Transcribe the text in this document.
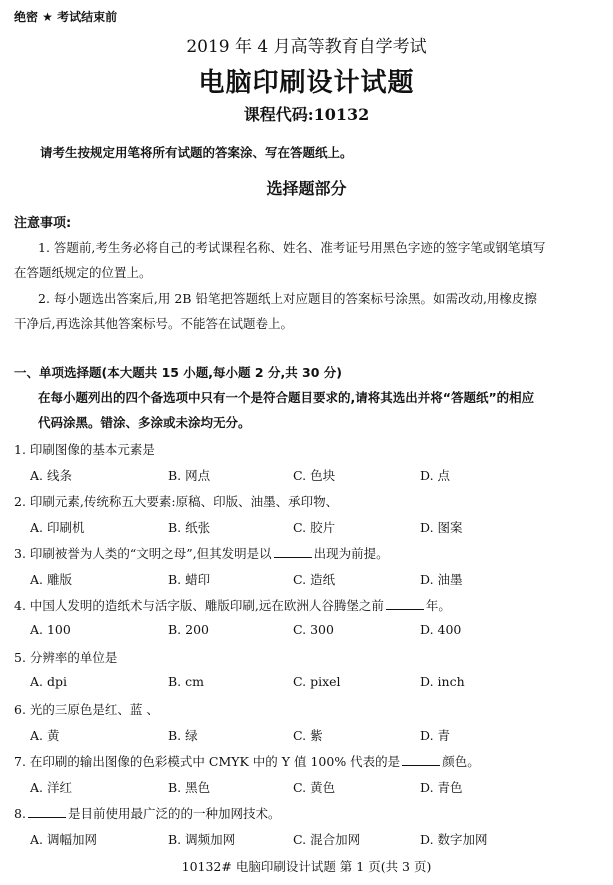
绝密 ★ 考试结束前
2019 年 4 月高等教育自学考试
电脑印刷设计试题
课程代码:10132
请考生按规定用笔将所有试题的答案涂、写在答题纸上。
选择题部分
注意事项:
1. 答题前,考生务必将自己的考试课程名称、姓名、准考证号用黑色字迹的签字笔或钢笔填写
在答题纸规定的位置上。
2. 每小题选出答案后,用 2B 铅笔把答题纸上对应题目的答案标号涂黑。如需改动,用橡皮擦
干净后,再选涂其他答案标号。不能答在试题卷上。
一、单项选择题(本大题共 15 小题,每小题 2 分,共 30 分)
在每小题列出的四个备选项中只有一个是符合题目要求的,请将其选出并将“答题纸”的相应
代码涂黑。错涂、多涂或未涂均无分。
1. 印刷图像的基本元素是
A. 线条	B. 网点	C. 色块	D. 点
2. 印刷元素,传统称五大要素:原稿、印版、油墨、承印物、
A. 印刷机	B. 纸张	C. 胶片	D. 图案
3. 印刷被誉为人类的“文明之母”,但其发明是以	出现为前提。
A. 雕版	B. 蜡印	C. 造纸	D. 油墨
4. 中国人发明的造纸术与活字版、雕版印刷,远在欧洲人谷腾堡之前	年。
A. 100	B. 200	C. 300	D. 400
5. 分辨率的单位是
A. dpi	B. cm	C. pixel	D. inch
6. 光的三原色是红、蓝 、
A. 黄	B. 绿	C. 紫	D. 青
7. 在印刷的输出图像的色彩模式中 CMYK 中的 Y 值 100% 代表的是	颜色。
A. 洋红	B. 黑色	C. 黄色	D. 青色
8.	是目前使用最广泛的的一种加网技术。
A. 调幅加网	B. 调频加网	C. 混合加网	D. 数字加网
10132# 电脑印刷设计试题 第 1 页(共 3 页)
